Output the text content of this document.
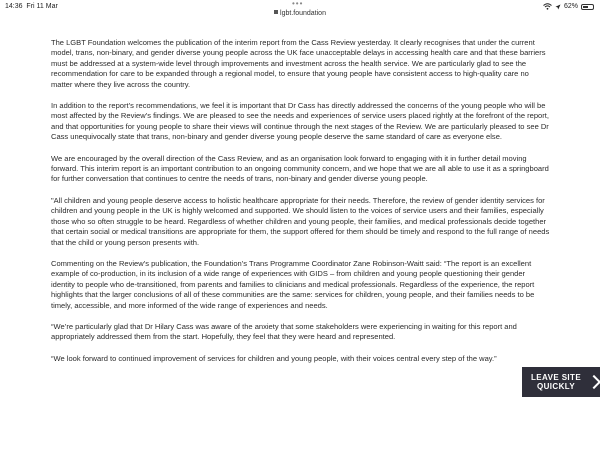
14:36 Fri 11 Mar	•••	62%
lgbt.foundation

The LGBT Foundation welcomes the publication of the interim report from the Cass Review yesterday. It clearly recognises that under the current model, trans, non-binary, and gender diverse young people across the UK face unacceptable delays in accessing health care and that these barriers must be addressed at a system-wide level through improvements and investment across the health service. We are particularly glad to see the recommendation for care to be expanded through a regional model, to ensure that young people have consistent access to high-quality care no matter where they live across the country.

In addition to the report’s recommendations, we feel it is important that Dr Cass has directly addressed the concerns of the young people who will be most affected by the Review’s findings. We are pleased to see the needs and experiences of service users placed rightly at the forefront of the report, and that opportunities for young people to share their views will continue through the next stages of the Review. We are particularly pleased to see Dr Cass unequivocally state that trans, non-binary and gender diverse young people deserve the same standard of care as everyone else.

We are encouraged by the overall direction of the Cass Review, and as an organisation look forward to engaging with it in further detail moving forward. This interim report is an important contribution to an ongoing community concern, and we hope that we are all able to use it as a springboard for further conversation that continues to centre the needs of trans, non-binary and gender diverse young people.

"All children and young people deserve access to holistic healthcare appropriate for their needs. Therefore, the review of gender identity services for children and young people in the UK is highly welcomed and supported. We should listen to the voices of service users and their families, especially those who so often struggle to be heard. Regardless of whether children and young people, their families, and medical professionals decide together that certain social or medical transitions are appropriate for them, the support offered for them should be timely and respond to the full range of needs that the child or young person presents with.

Commenting on the Review’s publication, the Foundation’s Trans Programme Coordinator Zane Robinson-Waitt said: “The report is an excellent example of co-production, in its inclusion of a wide range of experiences with GIDS – from children and young people questioning their gender identity to people who de-transitioned, from parents and families to clinicians and medical professionals. Regardless of the experience, the report highlights that the larger conclusions of all of these communities are the same: services for children, young people, and their families needs to be timely, accessible, and more informed of the wide range of experiences and needs.

“We’re particularly glad that Dr Hilary Cass was aware of the anxiety that some stakeholders were experiencing in waiting for this report and appropriately addressed them from the start. Hopefully, they feel that they were heard and represented.

“We look forward to continued improvement of services for children and young people, with their voices central every step of the way.”

LEAVE SITE
QUICKLY
